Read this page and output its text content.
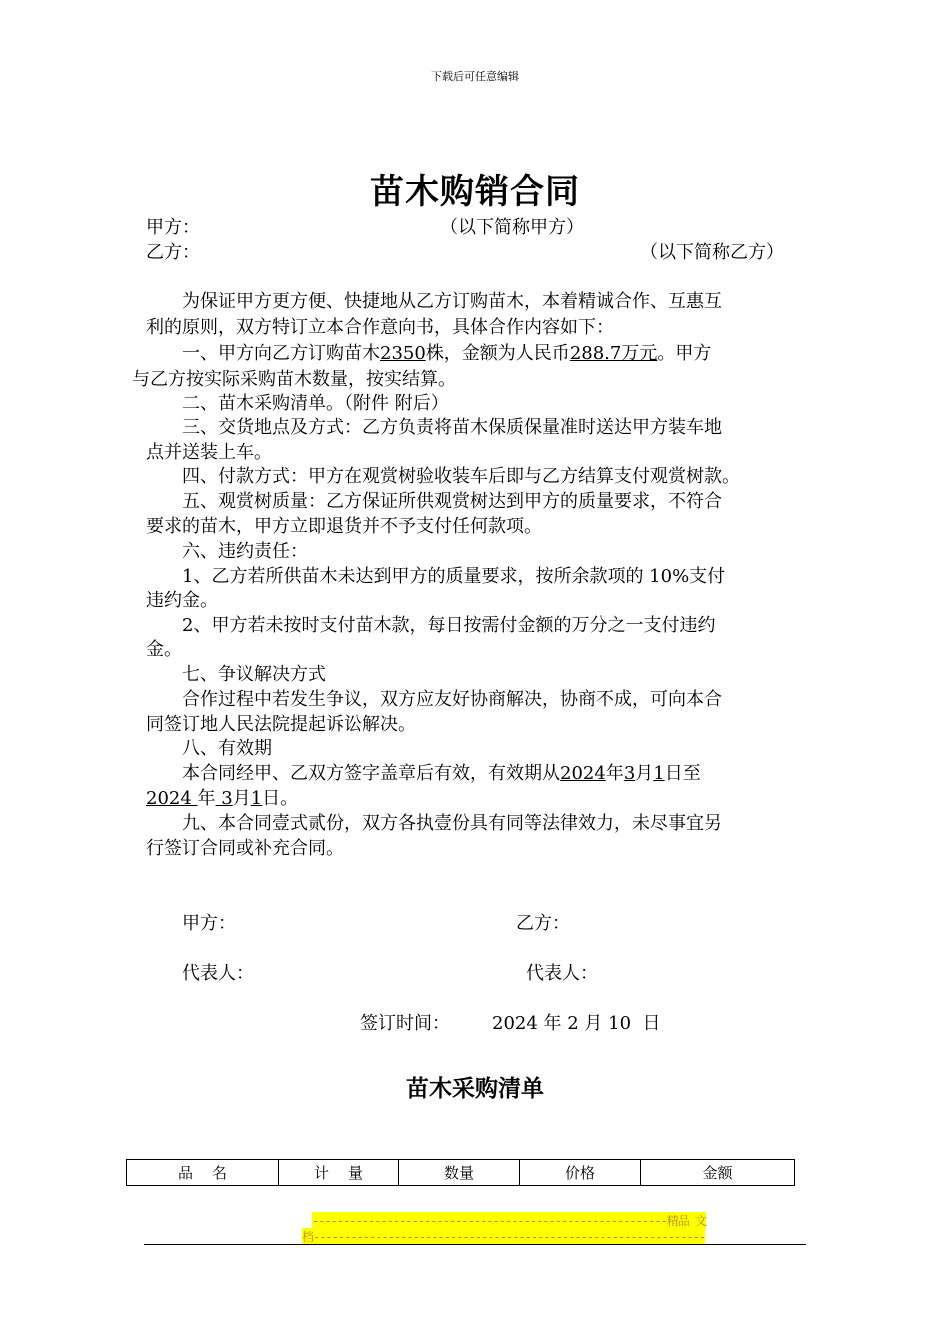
下载后可任意编辑
苗木购销合同
甲方：	（以下简称甲方）
乙方：	（以下简称乙方）
为保证甲方更方便、快捷地从乙方订购苗木，本着精诚合作、互惠互
利的原则，双方特订立本合作意向书，具体合作内容如下：
一、甲方向乙方订购苗木2350株，金额为人民币288.7万元。甲方
与乙方按实际采购苗木数量，按实结算。
二、苗木采购清单。（附件 附后）
三、交货地点及方式：乙方负责将苗木保质保量准时送达甲方装车地
点并送装上车。
四、付款方式：甲方在观赏树验收装车后即与乙方结算支付观赏树款。
五、观赏树质量：乙方保证所供观赏树达到甲方的质量要求，不符合
要求的苗木，甲方立即退货并不予支付任何款项。
六、违约责任：
1、乙方若所供苗木未达到甲方的质量要求，按所余款项的 10%支付
违约金。
2、甲方若未按时支付苗木款，每日按需付金额的万分之一支付违约
金。
七、争议解决方式
合作过程中若发生争议，双方应友好协商解决，协商不成，可向本合
同签订地人民法院提起诉讼解决。
八、有效期
本合同经甲、乙双方签字盖章后有效，有效期从2024年3月1日至
2024 年 3月1日。
九、本合同壹式贰份，双方各执壹份具有同等法律效力，未尽事宜另
行签订合同或补充合同。
甲方：	乙方：
代表人：	代表人：
签订时间： 2024 年 2 月 10  日
苗木采购清单
品    名	计    量	数量	价格	金额
---------------------------------------------------------精品 文
档---------------------------------------------------------------
